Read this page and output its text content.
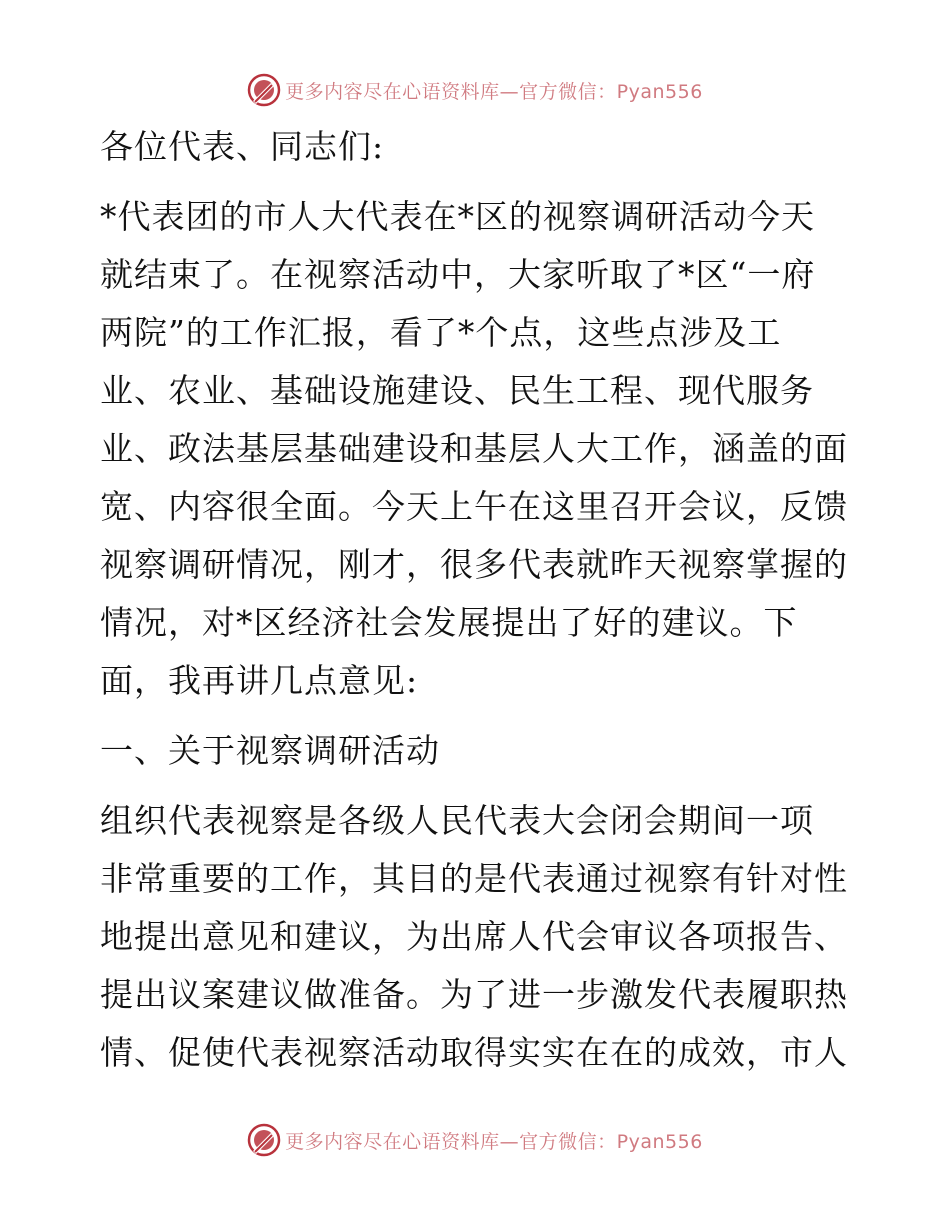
更多内容尽在心语资料库—官方微信：Pyan556

各位代表、同志们:

*代表团的市人大代表在*区的视察调研活动今天
就结束了。在视察活动中，大家听取了*区“一府
两院”的工作汇报，看了*个点，这些点涉及工
业、农业、基础设施建设、民生工程、现代服务
业、政法基层基础建设和基层人大工作，涵盖的面
宽、内容很全面。今天上午在这里召开会议，反馈
视察调研情况，刚才，很多代表就昨天视察掌握的
情况，对*区经济社会发展提出了好的建议。下
面，我再讲几点意见:

一、关于视察调研活动

组织代表视察是各级人民代表大会闭会期间一项
非常重要的工作，其目的是代表通过视察有针对性
地提出意见和建议，为出席人代会审议各项报告、
提出议案建议做准备。为了进一步激发代表履职热
情、促使代表视察活动取得实实在在的成效，市人

更多内容尽在心语资料库—官方微信：Pyan556
